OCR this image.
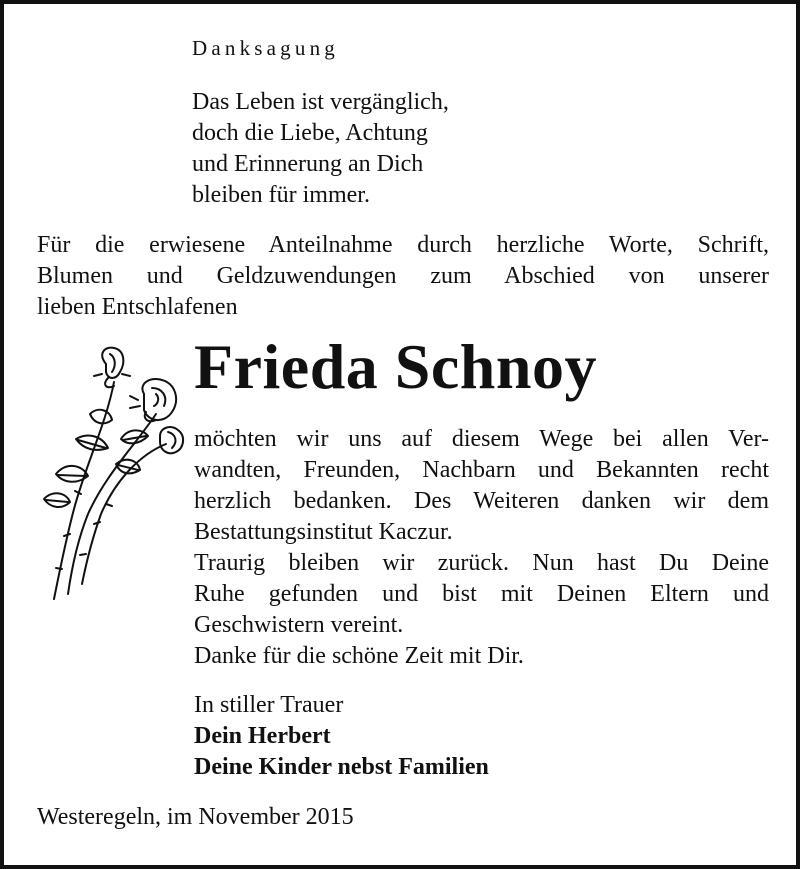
Danksagung
Das Leben ist vergänglich,
doch die Liebe, Achtung
und Erinnerung an Dich
bleiben für immer.
Für die erwiesene Anteilnahme durch herzliche Worte, Schrift,
Blumen und Geldzuwendungen zum Abschied von unserer
lieben Entschlafenen
Frieda Schnoy
möchten wir uns auf diesem Wege bei allen Ver-
wandten, Freunden, Nachbarn und Bekannten recht
herzlich bedanken. Des Weiteren danken wir dem
Bestattungsinstitut Kaczur.
Traurig bleiben wir zurück. Nun hast Du Deine
Ruhe gefunden und bist mit Deinen Eltern und
Geschwistern vereint.
Danke für die schöne Zeit mit Dir.
In stiller Trauer
Dein Herbert
Deine Kinder nebst Familien
Westeregeln, im November 2015
